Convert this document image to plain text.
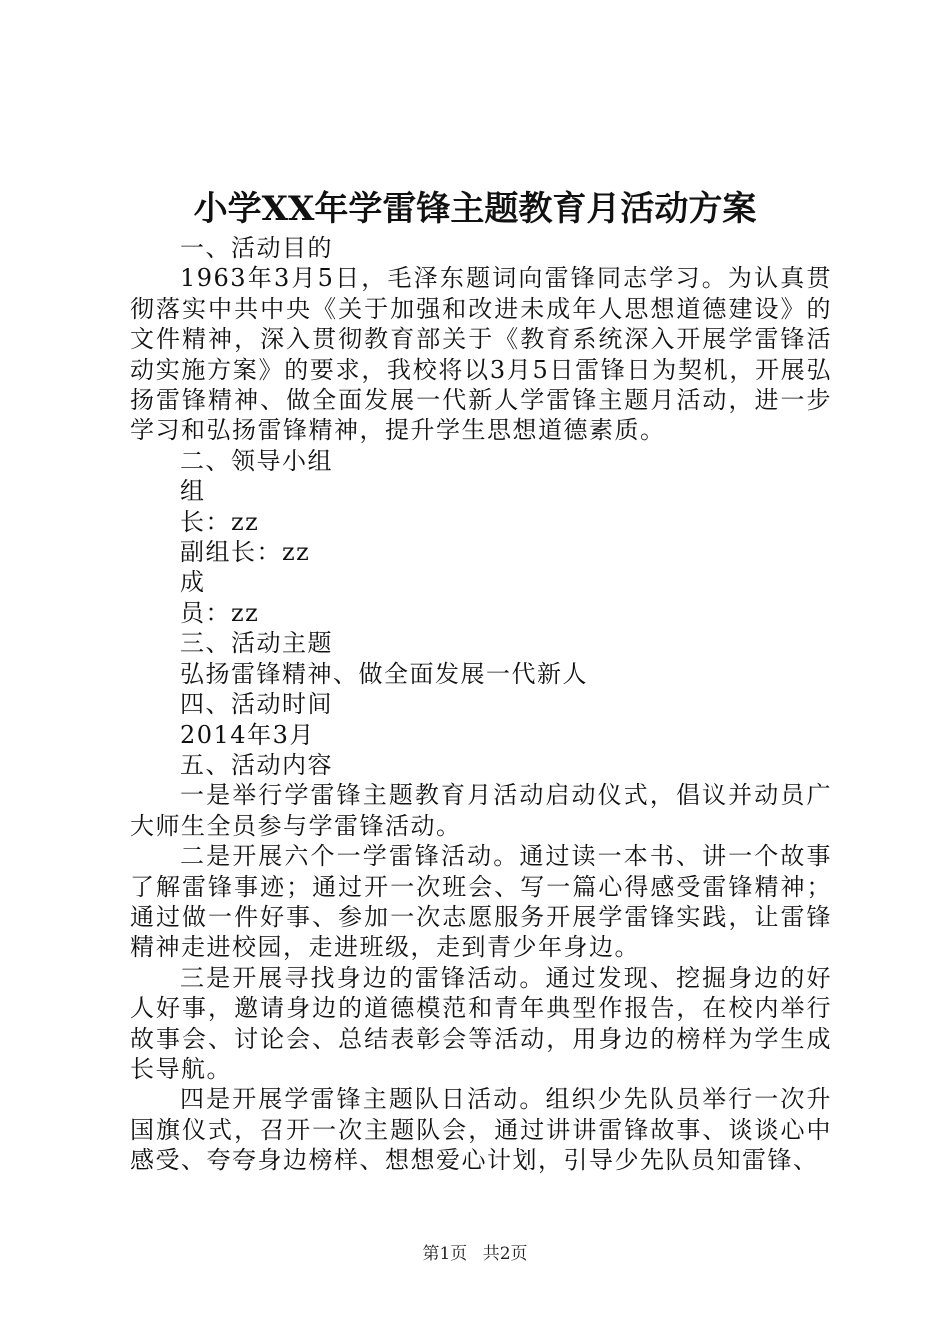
小学XX年学雷锋主题教育月活动方案

一、活动目的

1963年3月5日，毛泽东题词向雷锋同志学习。为认真贯彻落实中共中央《关于加强和改进未成年人思想道德建设》的文件精神，深入贯彻教育部关于《教育系统深入开展学雷锋活动实施方案》的要求，我校将以3月5日雷锋日为契机，开展弘扬雷锋精神、做全面发展一代新人学雷锋主题月活动，进一步学习和弘扬雷锋精神，提升学生思想道德素质。

二、领导小组

组

长：zz

副组长：zz

成

员：zz

三、活动主题

弘扬雷锋精神、做全面发展一代新人

四、活动时间

2014年3月

五、活动内容

一是举行学雷锋主题教育月活动启动仪式，倡议并动员广大师生全员参与学雷锋活动。

二是开展六个一学雷锋活动。通过读一本书、讲一个故事了解雷锋事迹；通过开一次班会、写一篇心得感受雷锋精神；通过做一件好事、参加一次志愿服务开展学雷锋实践，让雷锋精神走进校园，走进班级，走到青少年身边。

三是开展寻找身边的雷锋活动。通过发现、挖掘身边的好人好事，邀请身边的道德模范和青年典型作报告，在校内举行故事会、讨论会、总结表彰会等活动，用身边的榜样为学生成长导航。

四是开展学雷锋主题队日活动。组织少先队员举行一次升国旗仪式，召开一次主题队会，通过讲讲雷锋故事、谈谈心中感受、夸夸身边榜样、想想爱心计划，引导少先队员知雷锋、

第1页 共2页
